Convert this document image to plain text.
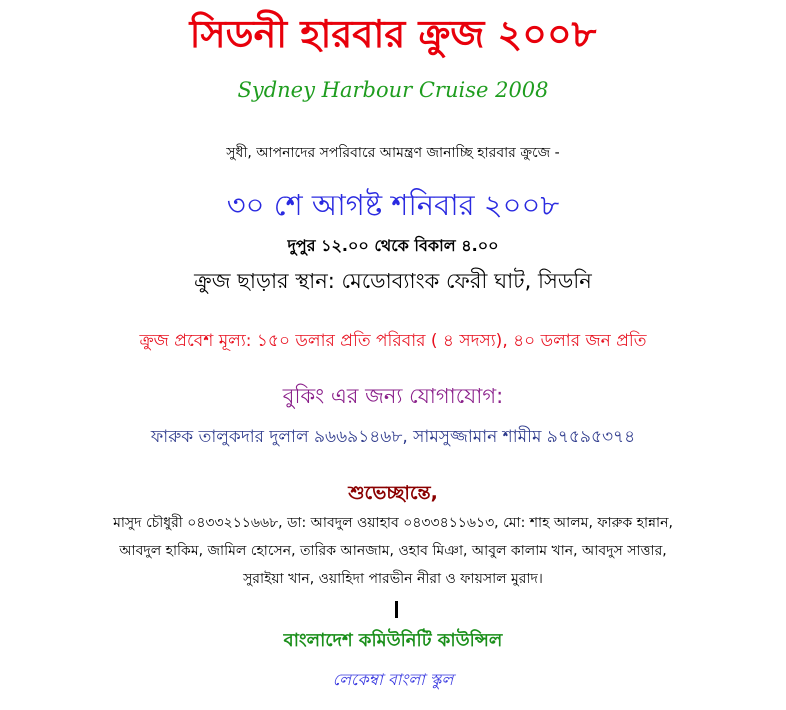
সিডনী হারবার ক্রুজ ২০০৮
Sydney Harbour Cruise 2008
সুধী, আপনাদের সপরিবারে আমন্ত্রণ জানাচ্ছি হারবার ক্রুজে -
৩০ শে আগষ্ট শনিবার ২০০৮
দুপুর ১২.০০ থেকে বিকাল ৪.০০
ক্রুজ ছাড়ার স্থান: মেডোব্যাংক ফেরী ঘাট, সিডনি
ক্রুজ প্রবেশ মূল্য: ১৫০ ডলার প্রতি পরিবার ( ৪ সদস্য), ৪০ ডলার জন প্রতি
বুকিং এর জন্য যোগাযোগ:
ফারুক তালুকদার দুলাল ৯৬৬৯১৪৬৮, সামসুজ্জামান শামীম ৯৭৫৯৫৩৭৪
শুভেচ্ছান্তে,
মাসুদ চৌধুরী ০৪৩৩২১১৬৬৮, ডা: আবদুল ওয়াহাব ০৪৩৩৪১১৬১৩, মো: শাহ আলম, ফারুক হান্নান,
আবদুল হাকিম, জামিল হোসেন, তারিক আনজাম, ওহাব মিঞা, আবুল কালাম খান, আবদুস সাত্তার,
সুরাইয়া খান, ওয়াহিদা পারভীন নীরা ও ফায়সাল মুরাদ।
বাংলাদেশ কমিউনিটি কাউন্সিল
লেকেম্বা বাংলা স্কুল
